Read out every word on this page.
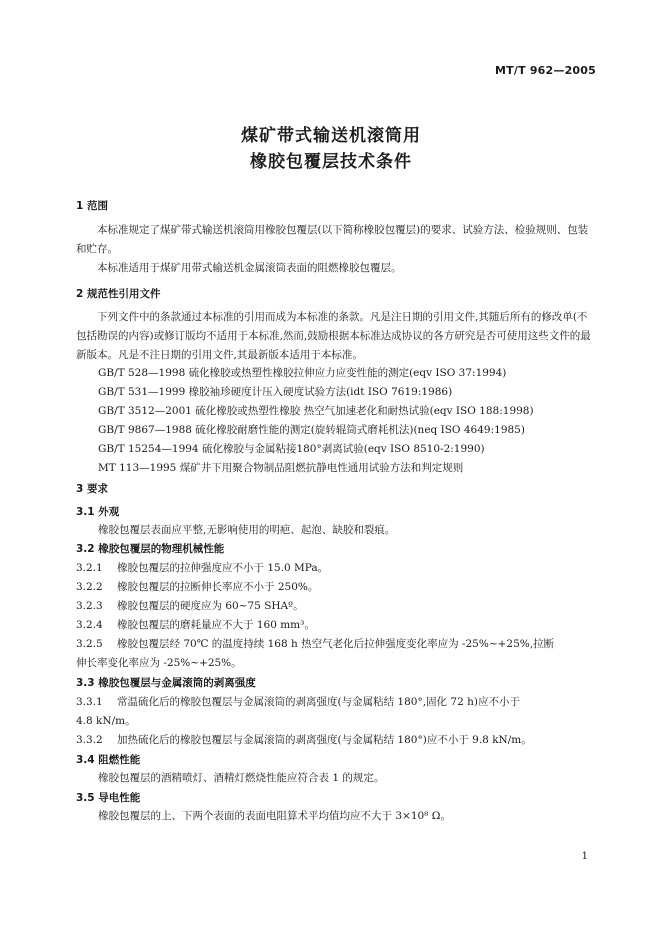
MT/T 962—2005
煤矿带式输送机滚筒用
橡胶包覆层技术条件
1 范围
本标准规定了煤矿带式输送机滚筒用橡胶包覆层(以下简称橡胶包覆层)的要求、试验方法、检验规则、包装和贮存。
本标准适用于煤矿用带式输送机金属滚筒表面的阻燃橡胶包覆层。
2 规范性引用文件
下列文件中的条款通过本标准的引用而成为本标准的条款。凡是注日期的引用文件,其随后所有的修改单(不包括勘误的内容)或修订版均不适用于本标准,然而,鼓励根据本标准达成协议的各方研究是否可使用这些文件的最新版本。凡是不注日期的引用文件,其最新版本适用于本标准。
GB/T 528—1998 硫化橡胶或热塑性橡胶拉伸应力应变性能的测定(eqv ISO 37:1994)
GB/T 531—1999 橡胶袖珍硬度计压入硬度试验方法(idt ISO 7619:1986)
GB/T 3512—2001 硫化橡胶或热塑性橡胶 热空气加速老化和耐热试验(eqv ISO 188:1998)
GB/T 9867—1988 硫化橡胶耐磨性能的测定(旋转辊筒式磨耗机法)(neq ISO 4649:1985)
GB/T 15254—1994 硫化橡胶与金属粘接180°剥离试验(eqv ISO 8510-2:1990)
MT 113—1995 煤矿井下用聚合物制品阻燃抗静电性通用试验方法和判定规则
3 要求
3.1 外观
橡胶包覆层表面应平整,无影响使用的明疤、起泡、缺胶和裂痕。
3.2 橡胶包覆层的物理机械性能
3.2.1 橡胶包覆层的拉伸强度应不小于 15.0 MPa。
3.2.2 橡胶包覆层的拉断伸长率应不小于 250%。
3.2.3 橡胶包覆层的硬度应为 60~75 SHAº。
3.2.4 橡胶包覆层的磨耗量应不大于 160 mm³。
3.2.5 橡胶包覆层经 70℃ 的温度持续 168 h 热空气老化后拉伸强度变化率应为 -25%~+25%,拉断
伸长率变化率应为 -25%~+25%。
3.3 橡胶包覆层与金属滚筒的剥离强度
3.3.1 常温硫化后的橡胶包覆层与金属滚筒的剥离强度(与金属粘结 180°,固化 72 h)应不小于
4.8 kN/m。
3.3.2 加热硫化后的橡胶包覆层与金属滚筒的剥离强度(与金属粘结 180°)应不小于 9.8 kN/m。
3.4 阻燃性能
橡胶包覆层的酒精喷灯、酒精灯燃烧性能应符合表 1 的规定。
3.5 导电性能
橡胶包覆层的上、下两个表面的表面电阻算术平均值均应不大于 3×10⁸ Ω。
1
